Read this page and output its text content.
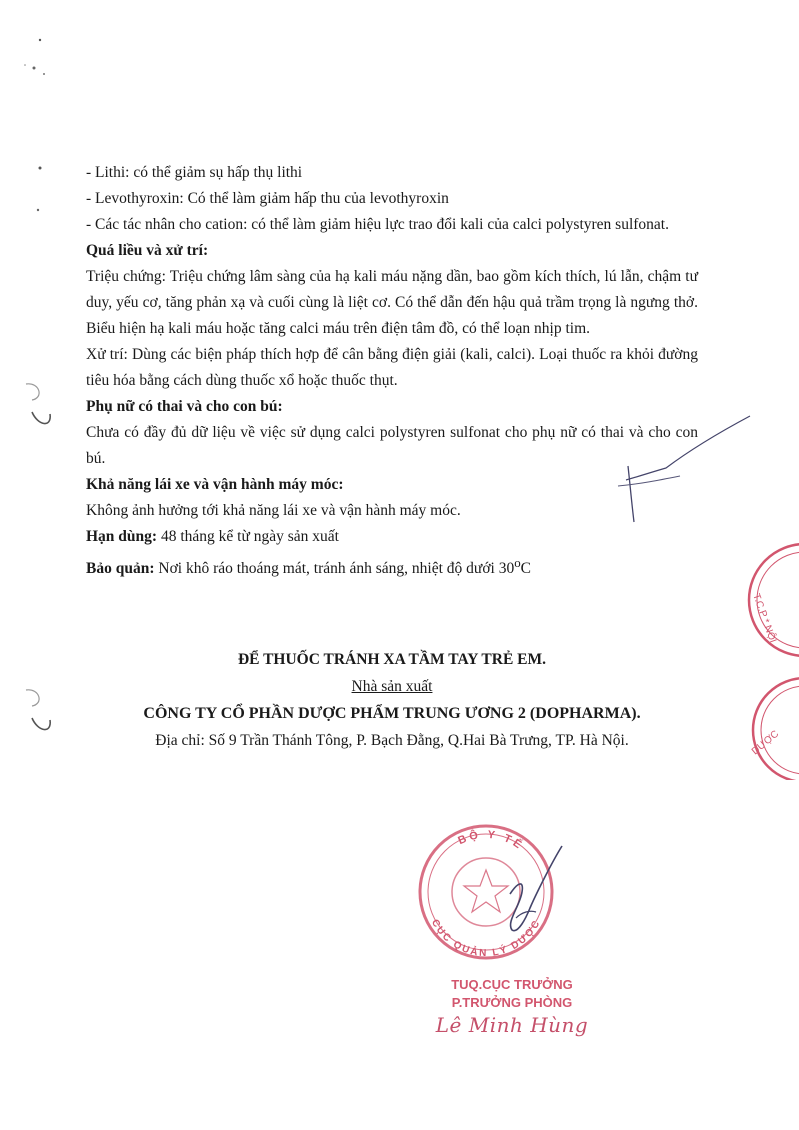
- Lithi: có thể giảm sụ hấp thụ lithi

- Levothyroxin: Có thể làm giảm hấp thu của levothyroxin

- Các tác nhân cho cation: có thể làm giảm hiệu lực trao đổi kali của calci polystyren sulfonat.

Quá liều và xử trí:

Triệu chứng: Triệu chứng lâm sàng của hạ kali máu nặng dần, bao gồm kích thích, lú lẫn, chậm tư duy, yếu cơ, tăng phản xạ và cuối cùng là liệt cơ. Có thể dẫn đến hậu quả trầm trọng là ngưng thở. Biểu hiện hạ kali máu hoặc tăng calci máu trên điện tâm đồ, có thể loạn nhịp tim.

Xử trí: Dùng các biện pháp thích hợp để cân bằng điện giải (kali, calci). Loại thuốc ra khỏi đường tiêu hóa bằng cách dùng thuốc xổ hoặc thuốc thụt.

Phụ nữ có thai và cho con bú:

Chưa có đầy đủ dữ liệu về việc sử dụng calci polystyren sulfonat cho phụ nữ có thai và cho con bú.

Khả năng lái xe và vận hành máy móc:

Không ảnh hưởng tới khả năng lái xe và vận hành máy móc.

Hạn dùng: 48 tháng kể từ ngày sản xuất

Bảo quản: Nơi khô ráo thoáng mát, tránh ánh sáng, nhiệt độ dưới 30$^o$C

ĐỂ THUỐC TRÁNH XA TẦM TAY TRẺ EM.

Nhà sản xuất

CÔNG TY CỔ PHẦN DƯỢC PHẨM TRUNG ƯƠNG 2 (DOPHARMA).

Địa chỉ: Số 9 Trần Thánh Tông, P. Bạch Đằng, Q.Hai Bà Trưng, TP. Hà Nội.

T.C.P * NỘI
DƯỢC
BỘ Y TẾ
CỤC QUẢN LÝ DƯỢC
TUQ.CỤC TRƯỞNG
P.TRƯỞNG PHÒNG
Lê Minh Hùng
